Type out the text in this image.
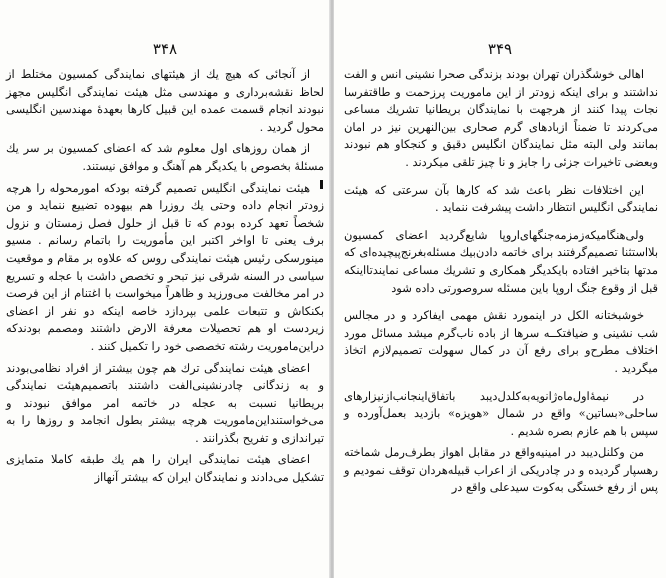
۳۴۸

از آنجائی که هیچ یك از هیئتهای نمایندگی کمسیون مختلط از لحاظ نقشه‌برداری و مهندسی مثل هیئت نمایندگی انگلیس مجهز نبودند انجام قسمت عمده این قبیل کارها بعهدهٔ مهندسین انگلیسی محول گردید .

از همان روزهای اول معلوم شد که اعضای کمسیون بر سر یك مسئلهٔ بخصوص با یکدیگر هم آهنگ و موافق نیستند.

هیئت نمایندگی انگلیس تصمیم گرفته بودکه امورمحوله را هرچه زودتر انجام داده وحتی یك روزرا هم بیهوده تضییع ننماید و من شخصاً تعهد کرده بودم که تا قبل از حلول فصل زمستان و نزول برف یعنی تا اواخر اکتبر این مأموریت را باتمام رسانم . مسیو مینورسکی رئیس هیئت نمایندگی روس که علاوه بر مقام و موقعیت سیاسی در السنه شرقی نیز تبحر و تخصص داشت با عجله و تسریع در امر مخالفت می‌ورزید و ظاهراً میخواست با اغتنام از این فرصت بکنکاش و تتبعات علمی بپردازد خاصه اینکه دو نفر از اعضای زیردست او هم تحصیلات معرفة الارض داشتند ومصمم بودندکه دراین‌ماموریت رشته تخصصی خود را تکمیل کنند .

اعضای هیئت نمایندگی ترك هم چون بیشتر از افراد نظامی‌بودند و به زندگانی چادرنشینی‌الفت داشتند باتصمیم‌هیئت نمایندگی بریطانیا نسبت به عجله در خاتمه امر موافق نبودند و می‌خواستنداین‌ماموریت هرچه بیشتر بطول انجامد و روزها را به تیراندازی و تفریح بگذرانند .

اعضای هیئت نمایندگی ایران را هم یك طبقه کاملا متمایزی تشکیل می‌دادند و نمایندگان ایران که بیشتر آنهااز

۳۴۹

اهالی خوشگذران تهران بودند بزندگی صحرا نشینی انس و الفت نداشتند و برای اینکه زودتر از این ماموریت پرزحمت و طاقتفرسا نجات پیدا کنند از هرجهت با نمایندگان بریطانیا تشریك مساعی می‌کردند تا ضمناً ازبادهای گرم صحاری بین‌النهرین نیز در امان بمانند ولی البته مثل نمایندگان انگلیس دقیق و کنجکاو هم نبودند وبعضی تاخیرات جزئی را جایز و نا چیز تلقی میکردند .

این اختلافات نظر باعث شد که کارها بآن سرعتی که هیئت نمایندگی انگلیس انتظار داشت پیشرفت ننماید .

ولی‌هنگامیکه‌زمزمه‌جنگهای‌اروپا شایع‌گردید اعضای کمسیون بلااستثنا تصمیم‌گرفتند برای خاتمه دادن‌بیك مسئله‌بغرنج‌پیچیده‌ای که مدتها بتاخیر افتاده بایکدیگر همکاری و تشریك مساعی نمایندتااینکه قبل از وقوع جنگ اروپا باین مسئله سروصورتی داده شود

خوشبختانه الکل در اینمورد نقش مهمی ایفاکرد و در مجالس شب نشینی و ضیافتکــه سرها از باده ناب‌گرم میشد مسائل مورد اختلاف مطرح‌و برای رفع آن در کمال سهولت تصمیم‌لازم اتخاذ میگردید .

در نیمهٔ‌اول‌ماه‌ژانویه‌به‌کلدل‌دیبد باتفاق‌اینجانب‌ازنیزارهای ساحلی‌«بساتین» واقع در شمال «هویزه» بازدید بعمل‌آورده و سپس با هم عازم بصره شدیم .

من وکلنل‌دیبد در امینیه‌واقع در مقابل اهواز بطرف‌رمل شماخته رهسپار گردیده و در چادریکی از اعراب قبیله‌هردان توقف نمودیم و پس از رفع خستگی به‌کوت سیدعلی واقع در
